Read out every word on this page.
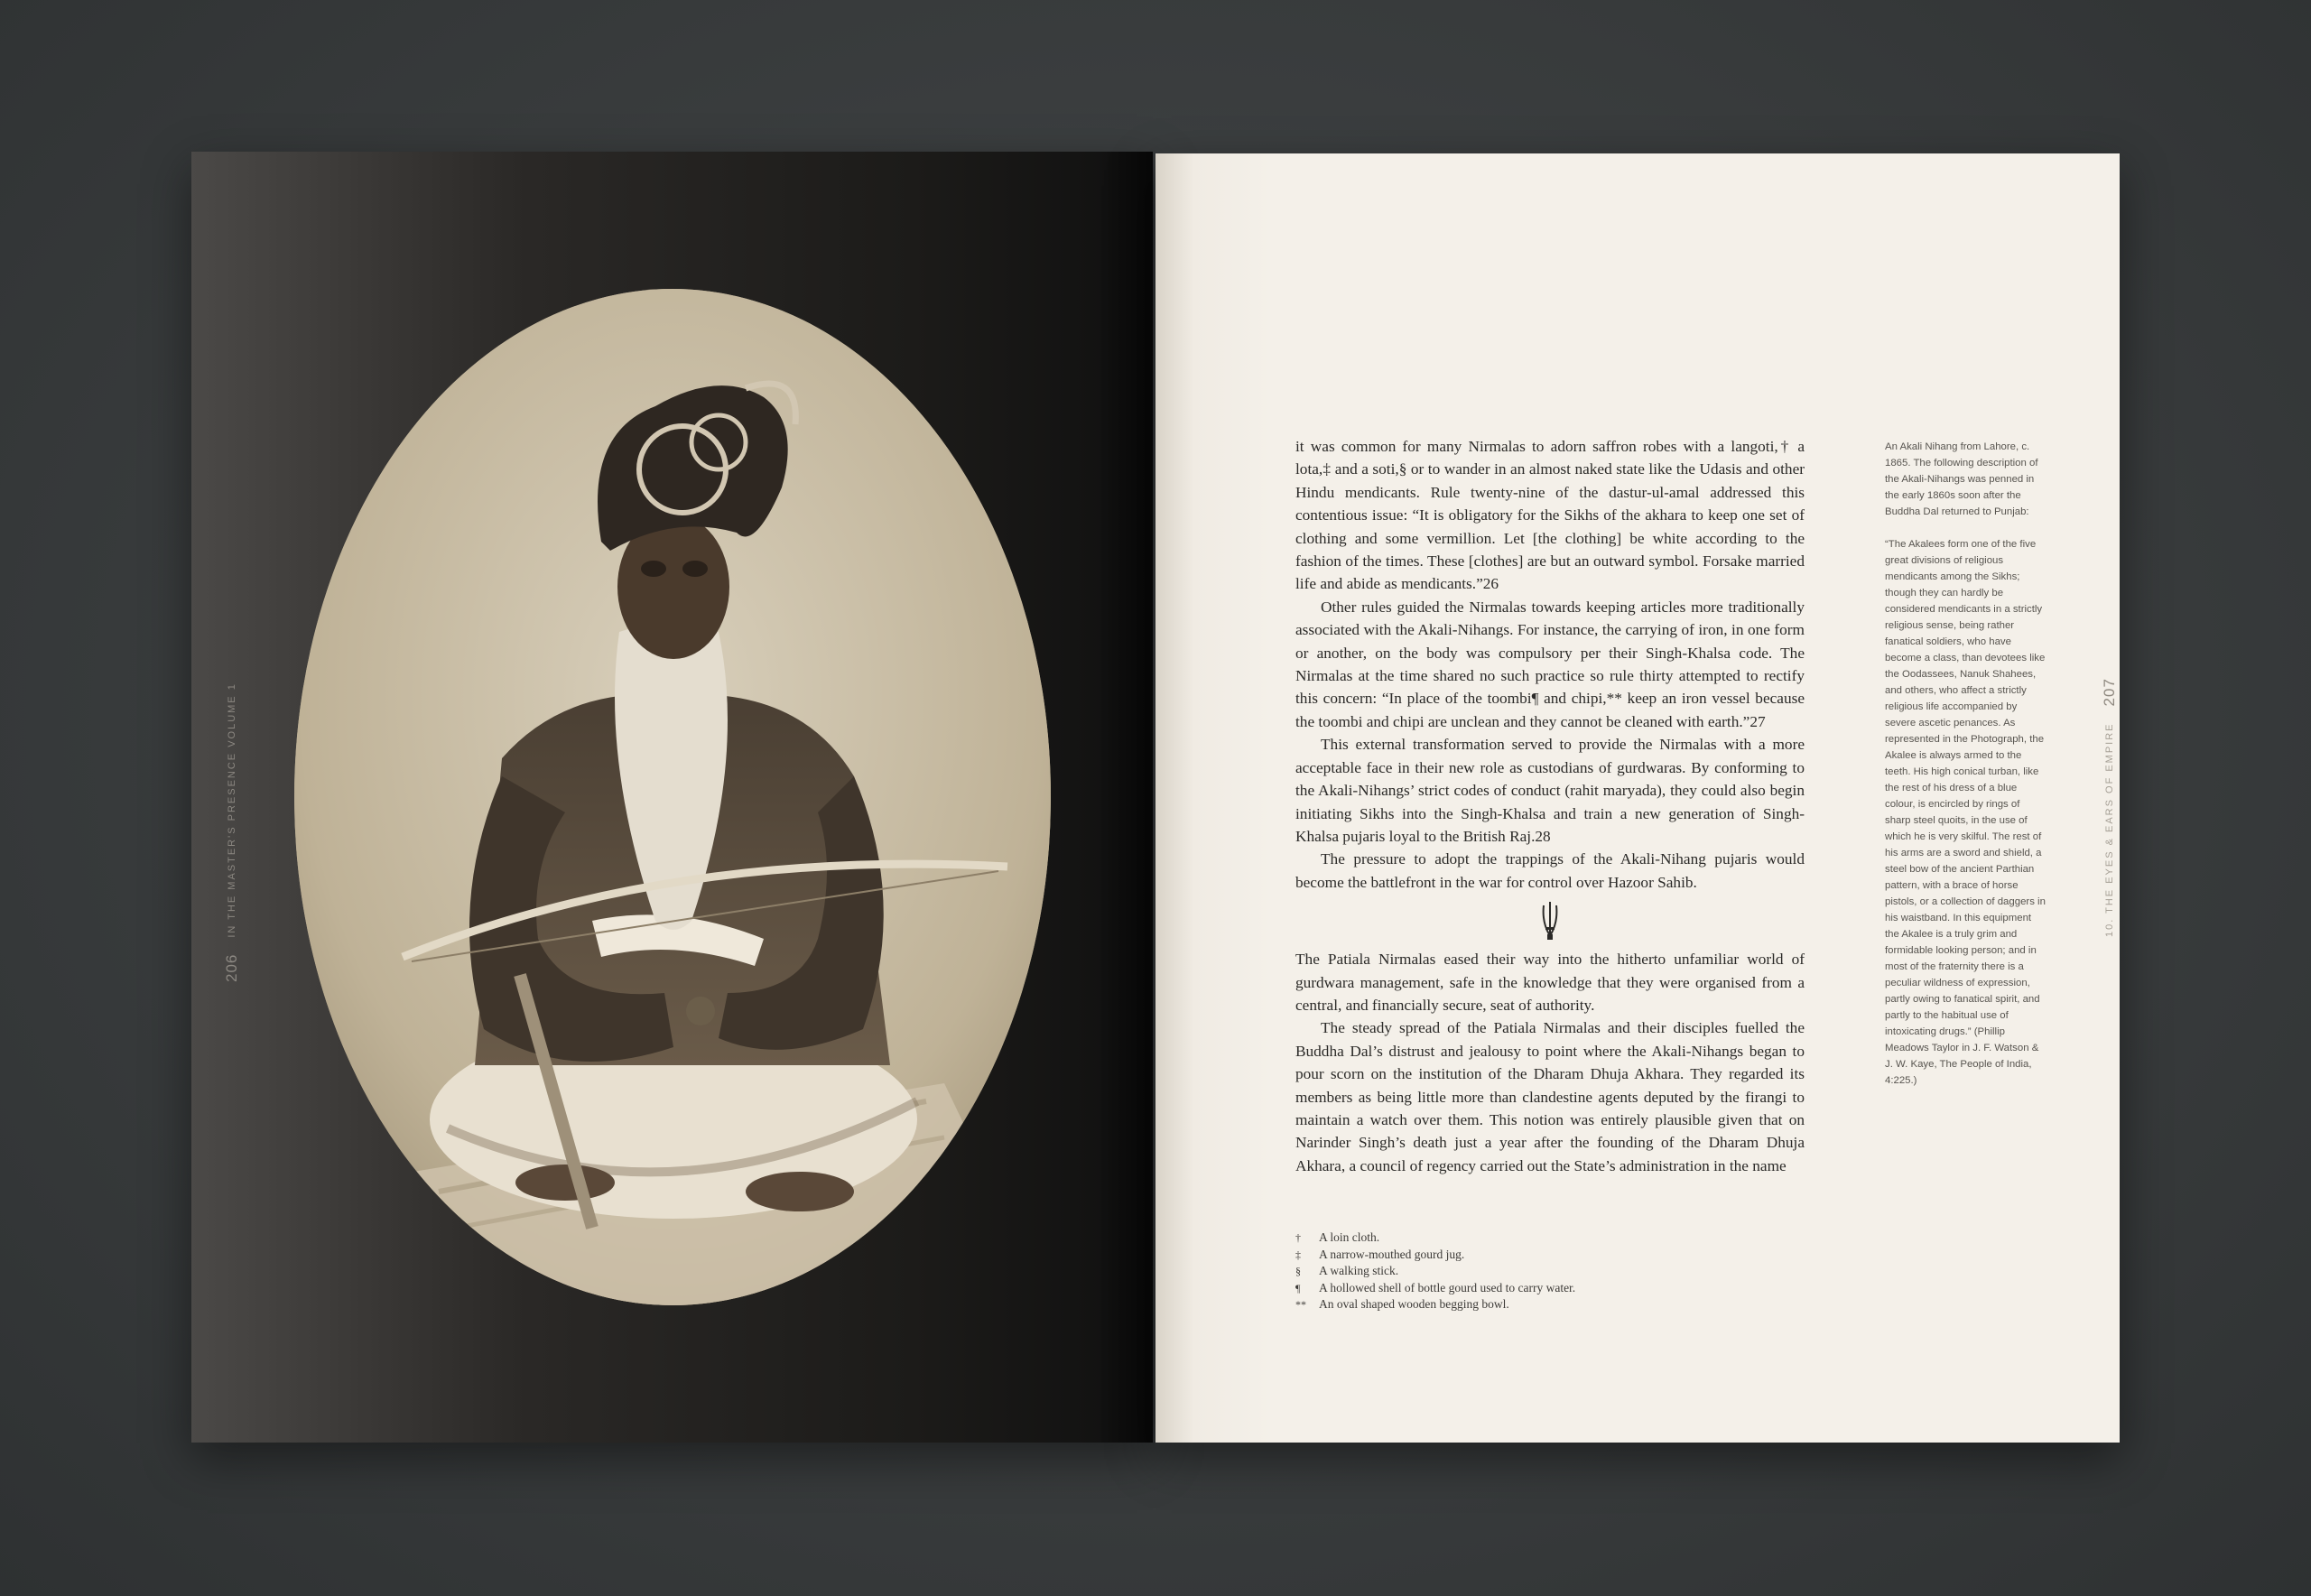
206
IN THE MASTER'S PRESENCE VOLUME 1

it was common for many Nirmalas to adorn saffron robes with a langoti,† a lota,‡ and a soti,§ or to wander in an almost naked state like the Udasis and other Hindu mendicants. Rule twenty-nine of the dastur-ul-amal addressed this contentious issue: “It is obligatory for the Sikhs of the akhara to keep one set of clothing and some vermillion. Let [the clothing] be white according to the fashion of the times. These [clothes] are but an outward symbol. Forsake married life and abide as mendicants.”26

Other rules guided the Nirmalas towards keeping articles more traditionally associated with the Akali-Nihangs. For instance, the carrying of iron, in one form or another, on the body was compulsory per their Singh-Khalsa code. The Nirmalas at the time shared no such practice so rule thirty attempted to rectify this concern: “In place of the toombi¶ and chipi,** keep an iron vessel because the toombi and chipi are unclean and they cannot be cleaned with earth.”27

This external transformation served to provide the Nirmalas with a more acceptable face in their new role as custodians of gurdwaras. By conforming to the Akali-Nihangs’ strict codes of conduct (rahit maryada), they could also begin initiating Sikhs into the Singh-Khalsa and train a new generation of Singh-Khalsa pujaris loyal to the British Raj.28

The pressure to adopt the trappings of the Akali-Nihang pujaris would become the battlefront in the war for control over Hazoor Sahib.

The Patiala Nirmalas eased their way into the hitherto unfamiliar world of gurdwara management, safe in the knowledge that they were organised from a central, and financially secure, seat of authority.

The steady spread of the Patiala Nirmalas and their disciples fuelled the Buddha Dal’s distrust and jealousy to point where the Akali-Nihangs began to pour scorn on the institution of the Dharam Dhuja Akhara. They regarded its members as being little more than clandestine agents deputed by the firangi to maintain a watch over them. This notion was entirely plausible given that on Narinder Singh’s death just a year after the founding of the Dharam Dhuja Akhara, a council of regency carried out the State’s administration in the name

An Akali Nihang from Lahore, c. 1865. The following description of the Akali-Nihangs was penned in the early 1860s soon after the Buddha Dal returned to Punjab:

“The Akalees form one of the five great divisions of religious mendicants among the Sikhs; though they can hardly be considered mendicants in a strictly religious sense, being rather fanatical soldiers, who have become a class, than devotees like the Oodassees, Nanuk Shahees, and others, who affect a strictly religious life accompanied by severe ascetic penances. As represented in the Photograph, the Akalee is always armed to the teeth. His high conical turban, like the rest of his dress of a blue colour, is encircled by rings of sharp steel quoits, in the use of which he is very skilful. The rest of his arms are a sword and shield, a steel bow of the ancient Parthian pattern, with a brace of horse pistols, or a collection of daggers in his waistband. In this equipment the Akalee is a truly grim and formidable looking person; and in most of the fraternity there is a peculiar wildness of expression, partly owing to fanatical spirit, and partly to the habitual use of intoxicating drugs.” (Phillip Meadows Taylor in J. F. Watson & J. W. Kaye, The People of India, 4:225.)

†	A loin cloth.
‡	A narrow-mouthed gourd jug.
§	A walking stick.
¶	A hollowed shell of bottle gourd used to carry water.
**	An oval shaped wooden begging bowl.
10. THE EYES & EARS OF EMPIRE
207
